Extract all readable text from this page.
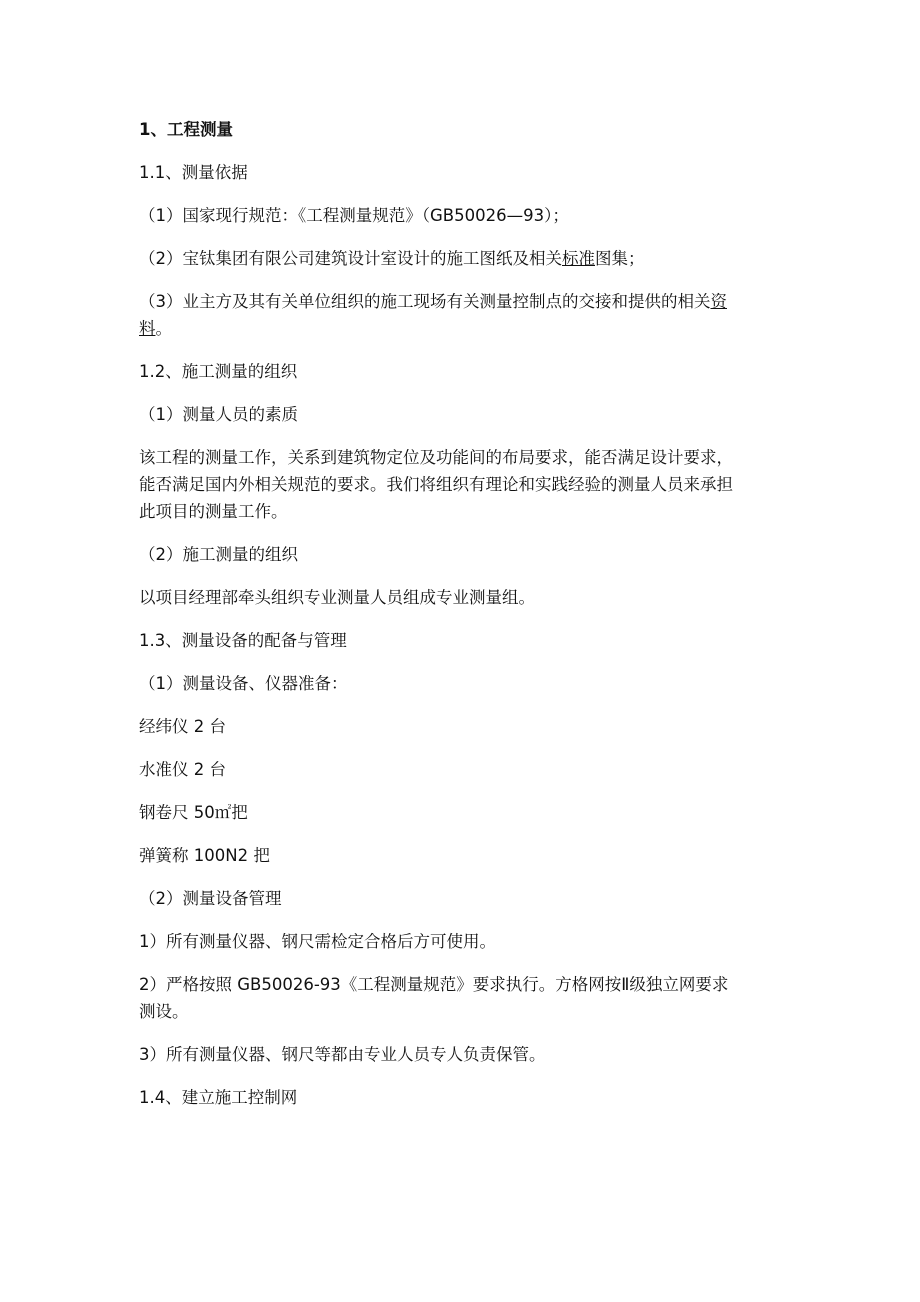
1、工程测量
1.1、测量依据
（1）国家现行规范：《工程测量规范》（GB50026—93）；
（2）宝钛集团有限公司建筑设计室设计的施工图纸及相关标准图集；
（3）业主方及其有关单位组织的施工现场有关测量控制点的交接和提供的相关资
料。
1.2、施工测量的组织
（1）测量人员的素质
该工程的测量工作，关系到建筑物定位及功能间的布局要求，能否满足设计要求，
能否满足国内外相关规范的要求。我们将组织有理论和实践经验的测量人员来承担
此项目的测量工作。
（2）施工测量的组织
以项目经理部牵头组织专业测量人员组成专业测量组。
1.3、测量设备的配备与管理
（1）测量设备、仪器准备：
经纬仪 2 台
水准仪 2 台
钢卷尺 50㎡把
弹簧称 100N2 把
（2）测量设备管理
1）所有测量仪器、钢尺需检定合格后方可使用。
2）严格按照 GB50026-93《工程测量规范》要求执行。方格网按Ⅱ级独立网要求
测设。
3）所有测量仪器、钢尺等都由专业人员专人负责保管。
1.4、建立施工控制网
